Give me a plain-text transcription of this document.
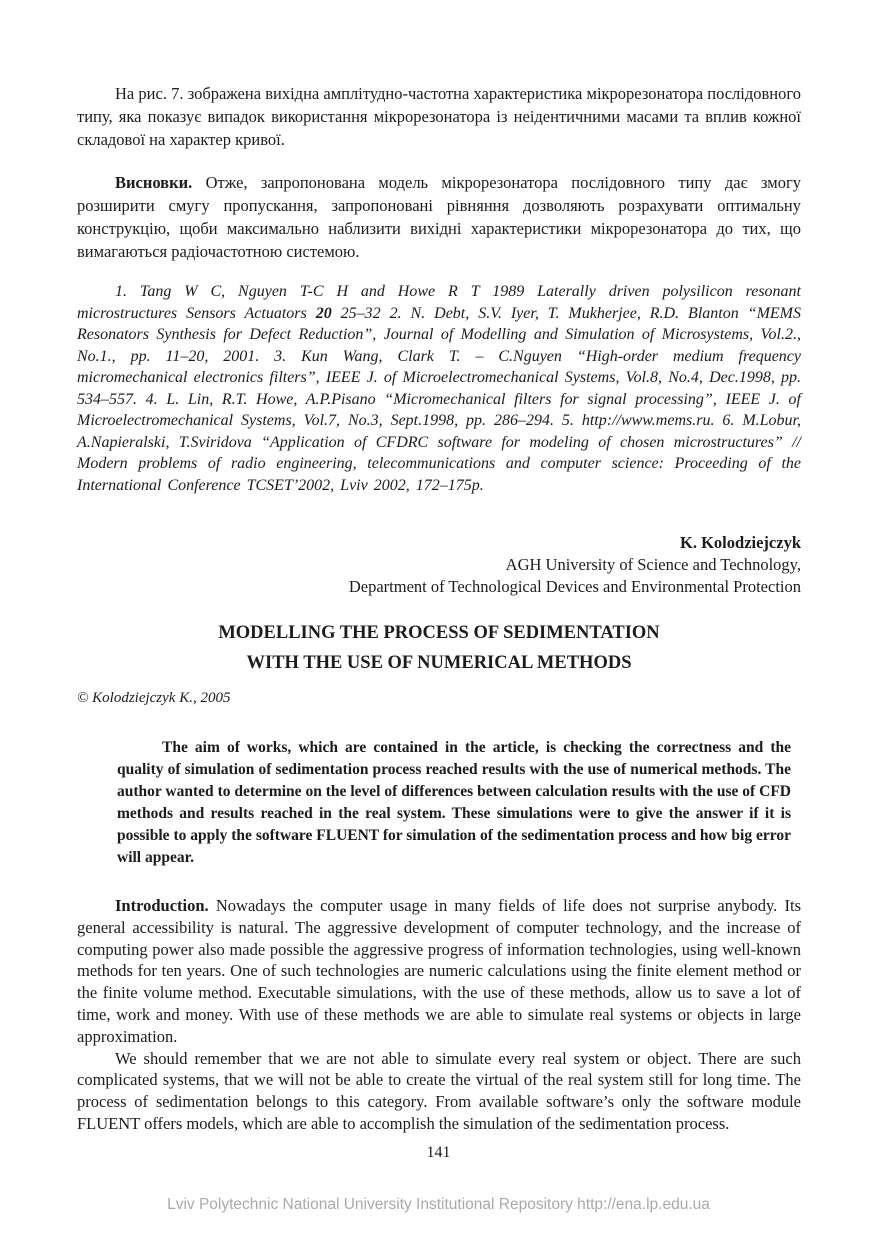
На рис. 7. зображена вихідна амплітудно-частотна характеристика мікрорезонатора послідовного типу, яка показує випадок використання мікрорезонатора із неідентичними масами та вплив кожної складової на характер кривої.

Висновки. Отже, запропонована модель мікрорезонатора послідовного типу дає змогу розширити смугу пропускання, запропоновані рівняння дозволяють розрахувати оптимальну конструкцію, щоби максимально наблизити вихідні характеристики мікрорезонатора до тих, що вимагаються радіочастотною системою.

1. Tang W C, Nguyen T-C H and Howe R T 1989 Laterally driven polysilicon resonant microstructures Sensors Actuators 20 25–32 2. N. Debt, S.V. Iyer, T. Mukherjee, R.D. Blanton “MEMS Resonators Synthesis for Defect Reduction”, Journal of Modelling and Simulation of Microsystems, Vol.2., No.1., pp. 11–20, 2001. 3. Kun Wang, Clark T. – C.Nguyen “High-order medium frequency micromechanical electronics filters”, IEEE J. of Microelectromechanical Systems, Vol.8, No.4, Dec.1998, pp. 534–557. 4. L. Lin, R.T. Howe, A.P.Pisano “Micromechanical filters for signal processing”, IEEE J. of Microelectromechanical Systems, Vol.7, No.3, Sept.1998, pp. 286–294. 5. http://www.mems.ru. 6. M.Lobur, A.Napieralski, T.Sviridova “Application of CFDRC software for modeling of chosen microstructures” // Modern problems of radio engineering, telecommunications and computer science: Proceeding of the International Conference TCSET’2002, Lviv 2002, 172–175p.

K. Kolodziejczyk
AGH University of Science and Technology,
Department of Technological Devices and Environmental Protection
MODELLING THE PROCESS OF SEDIMENTATION
WITH THE USE OF NUMERICAL METHODS
© Kolodziejczyk K., 2005

The aim of works, which are contained in the article, is checking the correctness and the quality of simulation of sedimentation process reached results with the use of numerical methods. The author wanted to determine on the level of differences between calculation results with the use of CFD methods and results reached in the real system. These simulations were to give the answer if it is possible to apply the software FLUENT for simulation of the sedimentation process and how big error will appear.

Introduction. Nowadays the computer usage in many fields of life does not surprise anybody. Its general accessibility is natural. The aggressive development of computer technology, and the increase of computing power also made possible the aggressive progress of information technologies, using well-known methods for ten years. One of such technologies are numeric calculations using the finite element method or the finite volume method. Executable simulations, with the use of these methods, allow us to save a lot of time, work and money. With use of these methods we are able to simulate real systems or objects in large approximation.

We should remember that we are not able to simulate every real system or object. There are such complicated systems, that we will not be able to create the virtual of the real system still for long time. The process of sedimentation belongs to this category. From available software’s only the software module FLUENT offers models, which are able to accomplish the simulation of the sedimentation process.

141
Lviv Polytechnic National University Institutional Repository http://ena.lp.edu.ua
